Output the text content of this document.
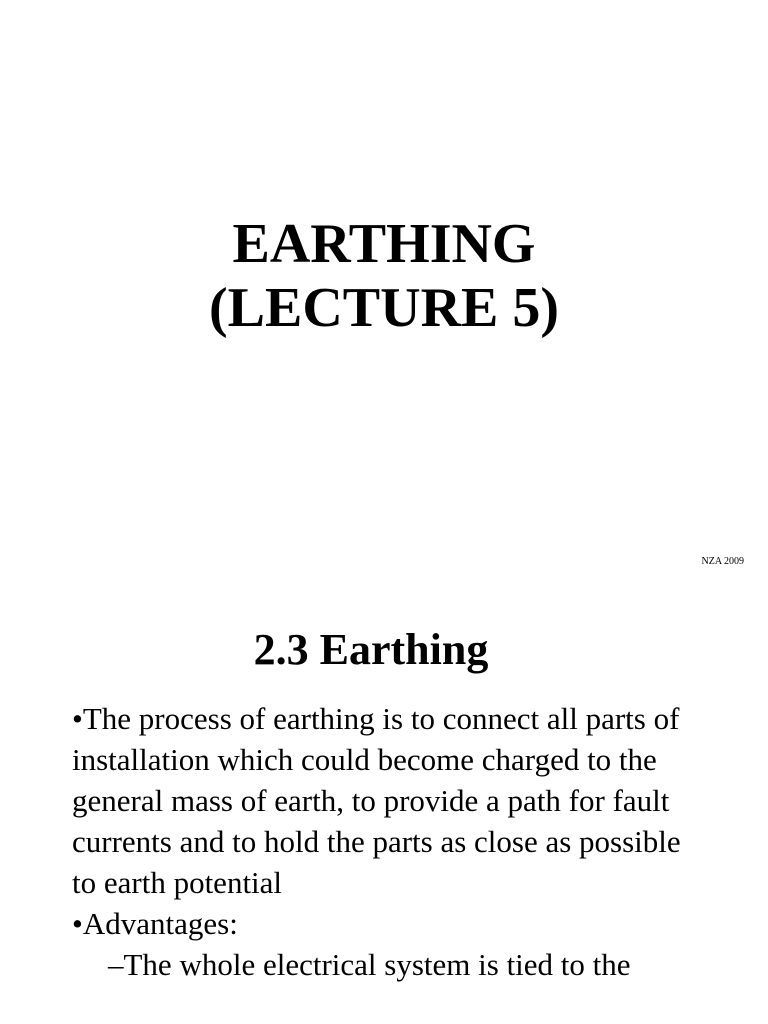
EARTHING
(LECTURE 5)
NZA 2009
2.3 Earthing

•The process of earthing is to connect all parts of installation which could become charged to the general mass of earth, to provide a path for fault currents and to hold the parts as close as possible to earth potential

•Advantages:

–The whole electrical system is tied to the
